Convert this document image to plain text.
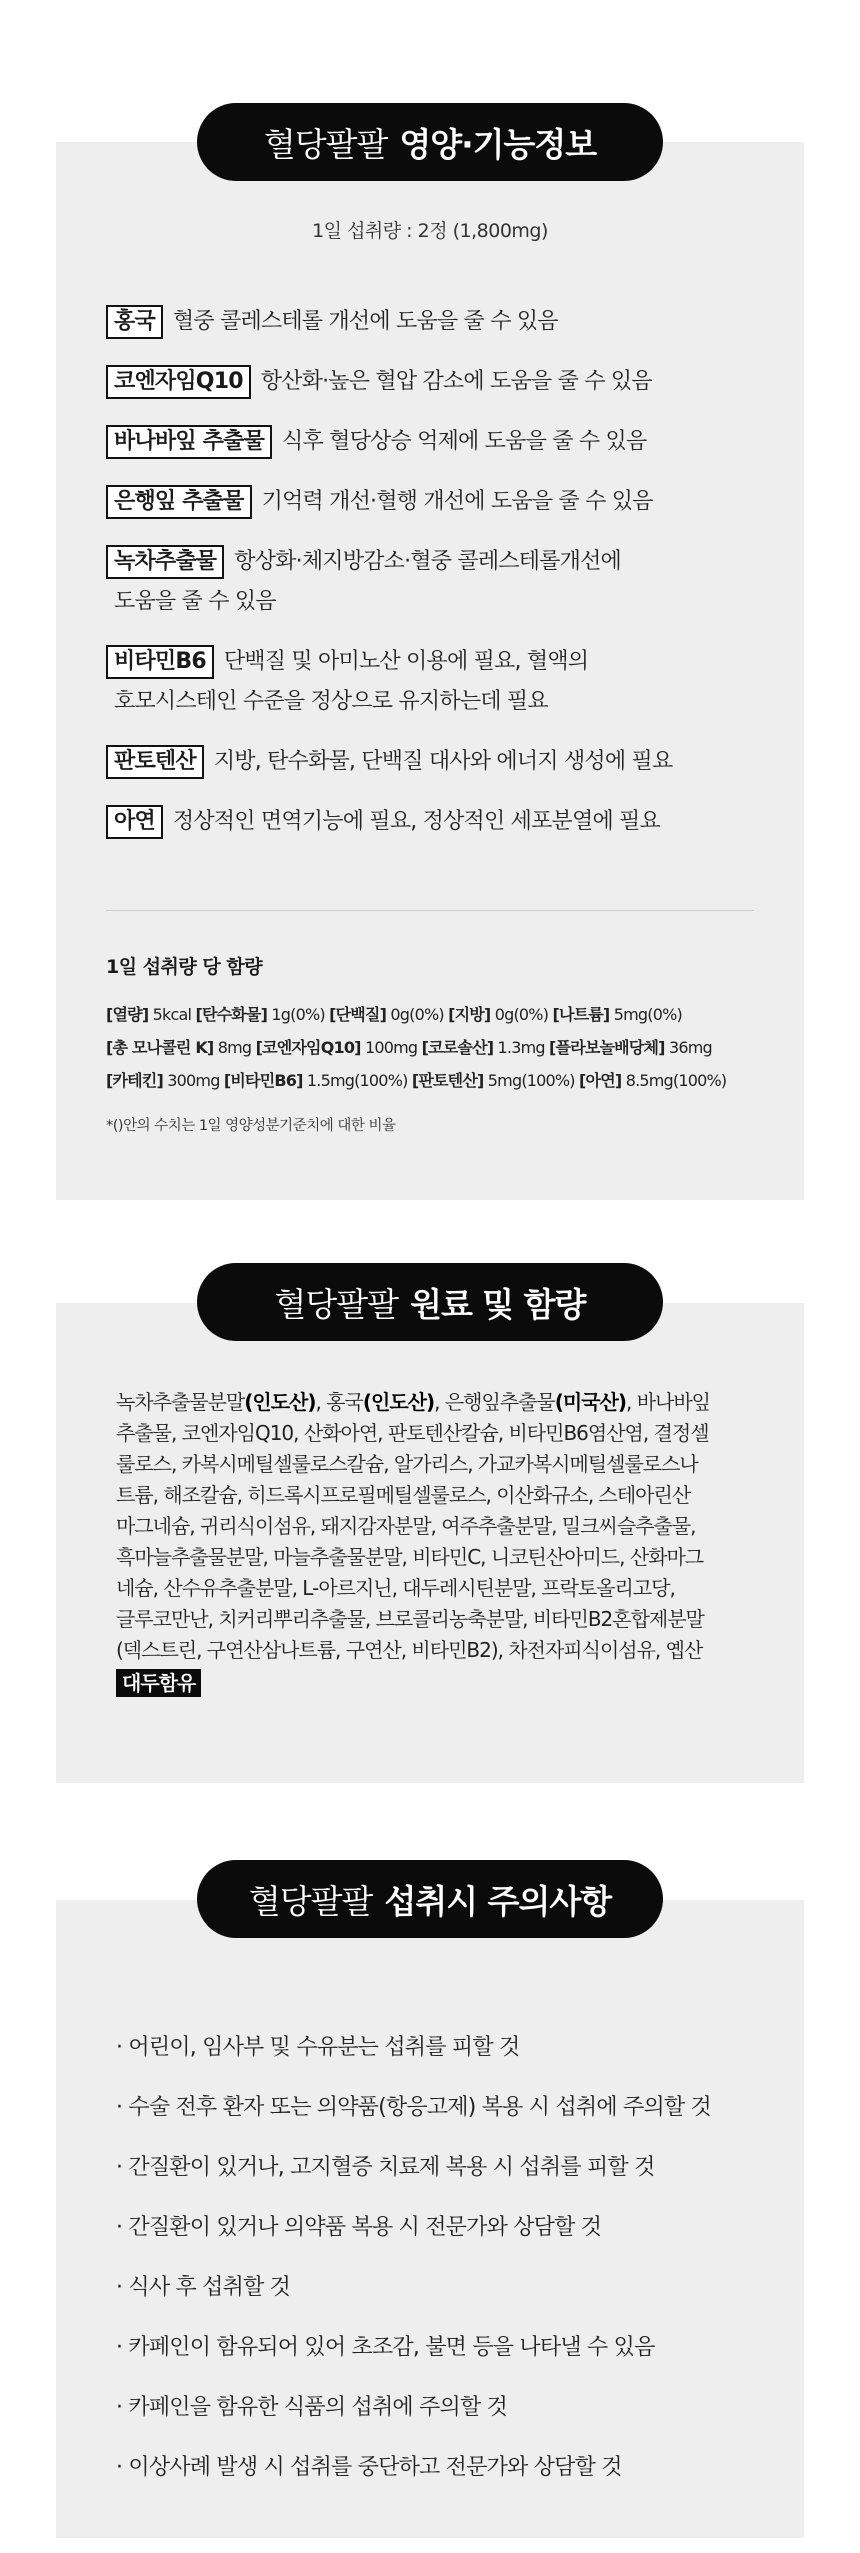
1일 섭취량 : 2정 (1,800mg)
홍국 혈중 콜레스테롤 개선에 도움을 줄 수 있음
코엔자임Q10 항산화·높은 혈압 감소에 도움을 줄 수 있음
바나바잎 추출물 식후 혈당상승 억제에 도움을 줄 수 있음
은행잎 추출물 기억력 개선·혈행 개선에 도움을 줄 수 있음
녹차추출물 항상화·체지방감소·혈중 콜레스테롤개선에
도움을 줄 수 있음
비타민B6 단백질 및 아미노산 이용에 필요, 혈액의
호모시스테인 수준을 정상으로 유지하는데 필요
판토텐산 지방, 탄수화물, 단백질 대사와 에너지 생성에 필요
아연 정상적인 면역기능에 필요, 정상적인 세포분열에 필요
1일 섭취량 당 함량
[열량] 5kcal [탄수화물] 1g(0%) [단백질] 0g(0%) [지방] 0g(0%) [나트륨] 5mg(0%)
[총 모나콜린 K] 8mg [코엔자임Q10] 100mg [코로솔산] 1.3mg [플라보놀배당체] 36mg
[카테킨] 300mg [비타민B6] 1.5mg(100%) [판토텐산] 5mg(100%) [아연] 8.5mg(100%)
*()안의 수치는 1일 영양성분기준치에 대한 비율
혈당팔팔 영양·기능정보
녹차추출물분말(인도산), 홍국(인도산), 은행잎추출물(미국산), 바나바잎
추출물, 코엔자임Q10, 산화아연, 판토텐산칼슘, 비타민B6염산염, 결정셀
룰로스, 카복시메틸셀룰로스칼슘, 알가리스, 가교카복시메틸셀룰로스나
트륨, 해조칼슘, 히드록시프로필메틸셀룰로스, 이산화규소, 스테아린산
마그네슘, 귀리식이섬유, 돼지감자분말, 여주추출분말, 밀크씨슬추출물,
흑마늘추출물분말, 마늘추출물분말, 비타민C, 니코틴산아미드, 산화마그
네슘, 산수유추출분말, L-아르지닌, 대두레시틴분말, 프락토올리고당,
글루코만난, 치커리뿌리추출물, 브로콜리농축분말, 비타민B2혼합제분말
(덱스트린, 구연산삼나트륨, 구연산, 비타민B2), 차전자피식이섬유, 옙산
대두함유
혈당팔팔 원료 및 함량
· 어린이, 임사부 및 수유분는 섭취를 피할 것
· 수술 전후 환자 또는 의약품(항응고제) 복용 시 섭취에 주의할 것
· 간질환이 있거나, 고지혈증 치료제 복용 시 섭취를 피할 것
· 간질환이 있거나 의약품 복용 시 전문가와 상담할 것
· 식사 후 섭취할 것
· 카페인이 함유되어 있어 초조감, 불면 등을 나타낼 수 있음
· 카페인을 함유한 식품의 섭취에 주의할 것
· 이상사례 발생 시 섭취를 중단하고 전문가와 상담할 것
혈당팔팔 섭취시 주의사항
